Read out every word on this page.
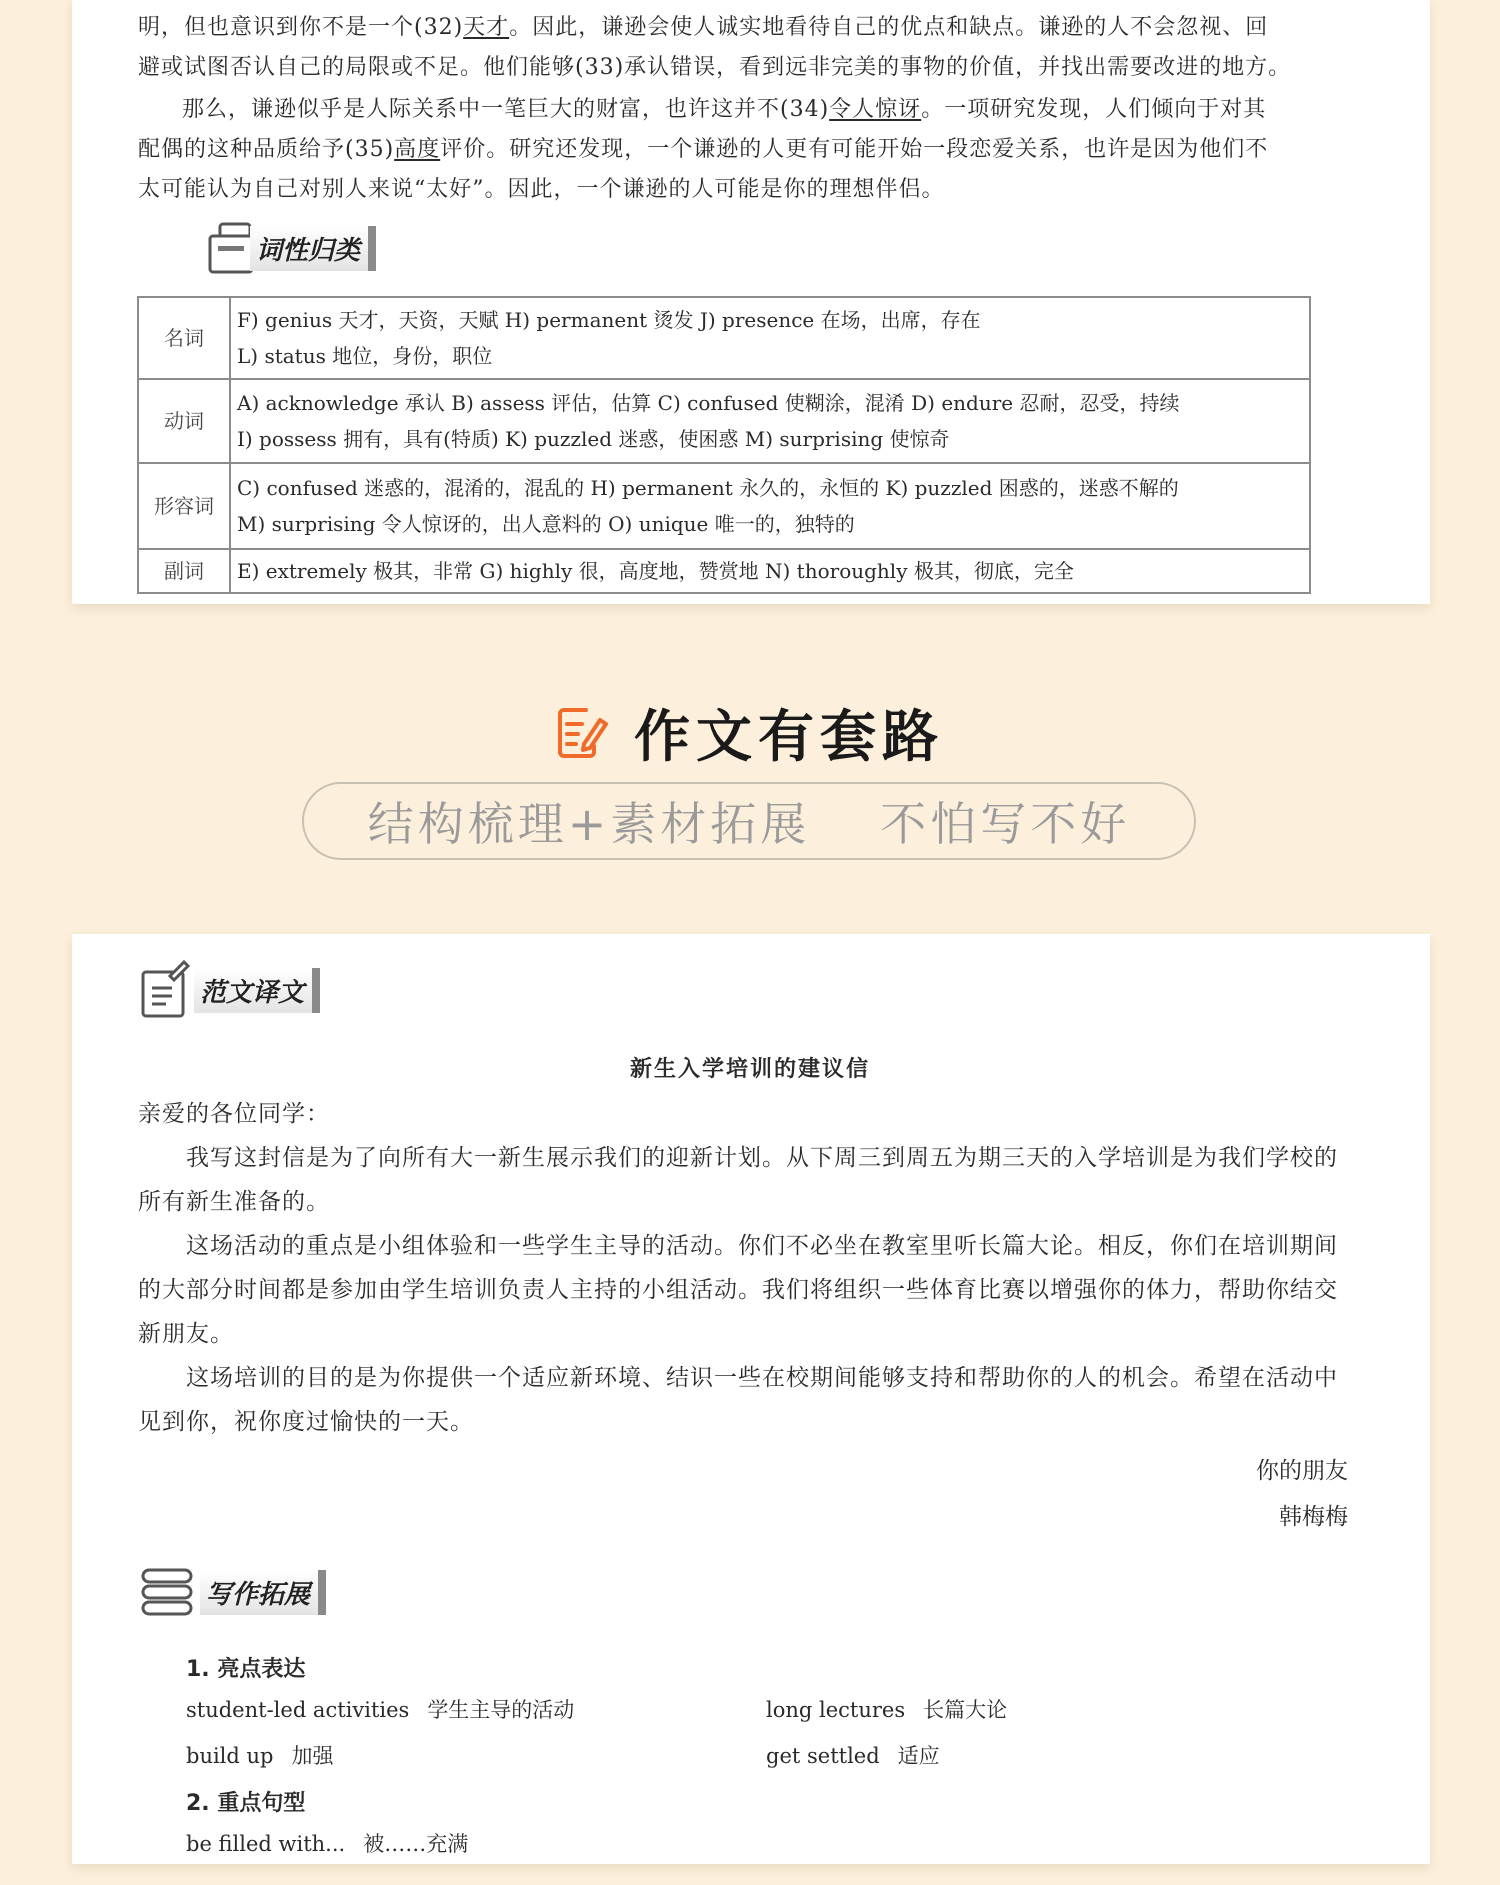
明，但也意识到你不是一个(32)天才。因此，谦逊会使人诚实地看待自己的优点和缺点。谦逊的人不会忽视、回
避或试图否认自己的局限或不足。他们能够(33)承认错误，看到远非完美的事物的价值，并找出需要改进的地方。

那么，谦逊似乎是人际关系中一笔巨大的财富，也许这并不(34)令人惊讶。一项研究发现，人们倾向于对其

配偶的这种品质给予(35)高度评价。研究还发现，一个谦逊的人更有可能开始一段恋爱关系，也许是因为他们不
太可能认为自己对别人来说“太好”。因此，一个谦逊的人可能是你的理想伴侣。

词性归类
名词	F) genius 天才，天资，天赋 H) permanent 烫发 J) presence 在场，出席，存在
L) status 地位，身份，职位
动词	A) acknowledge 承认 B) assess 评估，估算 C) confused 使糊涂，混淆 D) endure 忍耐，忍受，持续
I) possess 拥有，具有(特质) K) puzzled 迷惑，使困惑 M) surprising 使惊奇
形容词	C) confused 迷惑的，混淆的，混乱的 H) permanent 永久的，永恒的 K) puzzled 困惑的，迷惑不解的
M) surprising 令人惊讶的，出人意料的 O) unique 唯一的，独特的
副词	E) extremely 极其，非常 G) highly 很，高度地，赞赏地 N) thoroughly 极其，彻底，完全
作文有套路
结构梳理+素材拓展 不怕写不好
范文译文
新生入学培训的建议信

亲爱的各位同学：

我写这封信是为了向所有大一新生展示我们的迎新计划。从下周三到周五为期三天的入学培训是为我们学校的所有新生准备的。

这场活动的重点是小组体验和一些学生主导的活动。你们不必坐在教室里听长篇大论。相反，你们在培训期间的大部分时间都是参加由学生培训负责人主持的小组活动。我们将组织一些体育比赛以增强你的体力，帮助你结交新朋友。

这场培训的目的是为你提供一个适应新环境、结识一些在校期间能够支持和帮助你的人的机会。希望在活动中见到你，祝你度过愉快的一天。

你的朋友
韩梅梅
写作拓展
1. 亮点表达
student-led activities 学生主导的活动	long lectures 长篇大论
build up 加强	get settled 适应
2. 重点句型
be filled with... 被……充满
